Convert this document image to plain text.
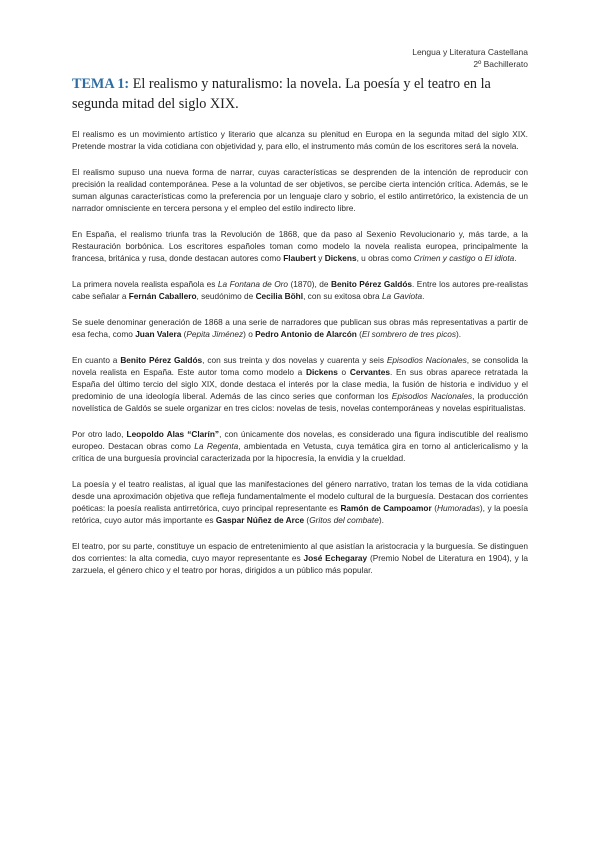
Lengua y Literatura Castellana
2º Bachillerato
TEMA 1: El realismo y naturalismo: la novela. La poesía y el teatro en la segunda mitad del siglo XIX.

El realismo es un movimiento artístico y literario que alcanza su plenitud en Europa en la segunda mitad del siglo XIX. Pretende mostrar la vida cotidiana con objetividad y, para ello, el instrumento más común de los escritores será la novela.

El realismo supuso una nueva forma de narrar, cuyas características se desprenden de la intención de reproducir con precisión la realidad contemporánea. Pese a la voluntad de ser objetivos, se percibe cierta intención crítica. Además, se le suman algunas características como la preferencia por un lenguaje claro y sobrio, el estilo antirretórico, la existencia de un narrador omnisciente en tercera persona y el empleo del estilo indirecto libre.

En España, el realismo triunfa tras la Revolución de 1868, que da paso al Sexenio Revolucionario y, más tarde, a la Restauración borbónica. Los escritores españoles toman como modelo la novela realista europea, principalmente la francesa, británica y rusa, donde destacan autores como Flaubert y Dickens, u obras como Crimen y castigo o El idiota.

La primera novela realista española es La Fontana de Oro (1870), de Benito Pérez Galdós. Entre los autores pre-realistas cabe señalar a Fernán Caballero, seudónimo de Cecilia Böhl, con su exitosa obra La Gaviota.

Se suele denominar generación de 1868 a una serie de narradores que publican sus obras más representativas a partir de esa fecha, como Juan Valera (Pepita Jiménez) o Pedro Antonio de Alarcón (El sombrero de tres picos).

En cuanto a Benito Pérez Galdós, con sus treinta y dos novelas y cuarenta y seis Episodios Nacionales, se consolida la novela realista en España. Este autor toma como modelo a Dickens o Cervantes. En sus obras aparece retratada la España del último tercio del siglo XIX, donde destaca el interés por la clase media, la fusión de historia e individuo y el predominio de una ideología liberal. Además de las cinco series que conforman los Episodios Nacionales, la producción novelística de Galdós se suele organizar en tres ciclos: novelas de tesis, novelas contemporáneas y novelas espiritualistas.

Por otro lado, Leopoldo Alas “Clarín”, con únicamente dos novelas, es considerado una figura indiscutible del realismo europeo. Destacan obras como La Regenta, ambientada en Vetusta, cuya temática gira en torno al anticlericalismo y la crítica de una burguesía provincial caracterizada por la hipocresía, la envidia y la crueldad.

La poesía y el teatro realistas, al igual que las manifestaciones del género narrativo, tratan los temas de la vida cotidiana desde una aproximación objetiva que refleja fundamentalmente el modelo cultural de la burguesía. Destacan dos corrientes poéticas: la poesía realista antirretórica, cuyo principal representante es Ramón de Campoamor (Humoradas), y la poesía retórica, cuyo autor más importante es Gaspar Núñez de Arce (Gritos del combate).

El teatro, por su parte, constituye un espacio de entretenimiento al que asistían la aristocracia y la burguesía. Se distinguen dos corrientes: la alta comedia, cuyo mayor representante es José Echegaray (Premio Nobel de Literatura en 1904), y la zarzuela, el género chico y el teatro por horas, dirigidos a un público más popular.
